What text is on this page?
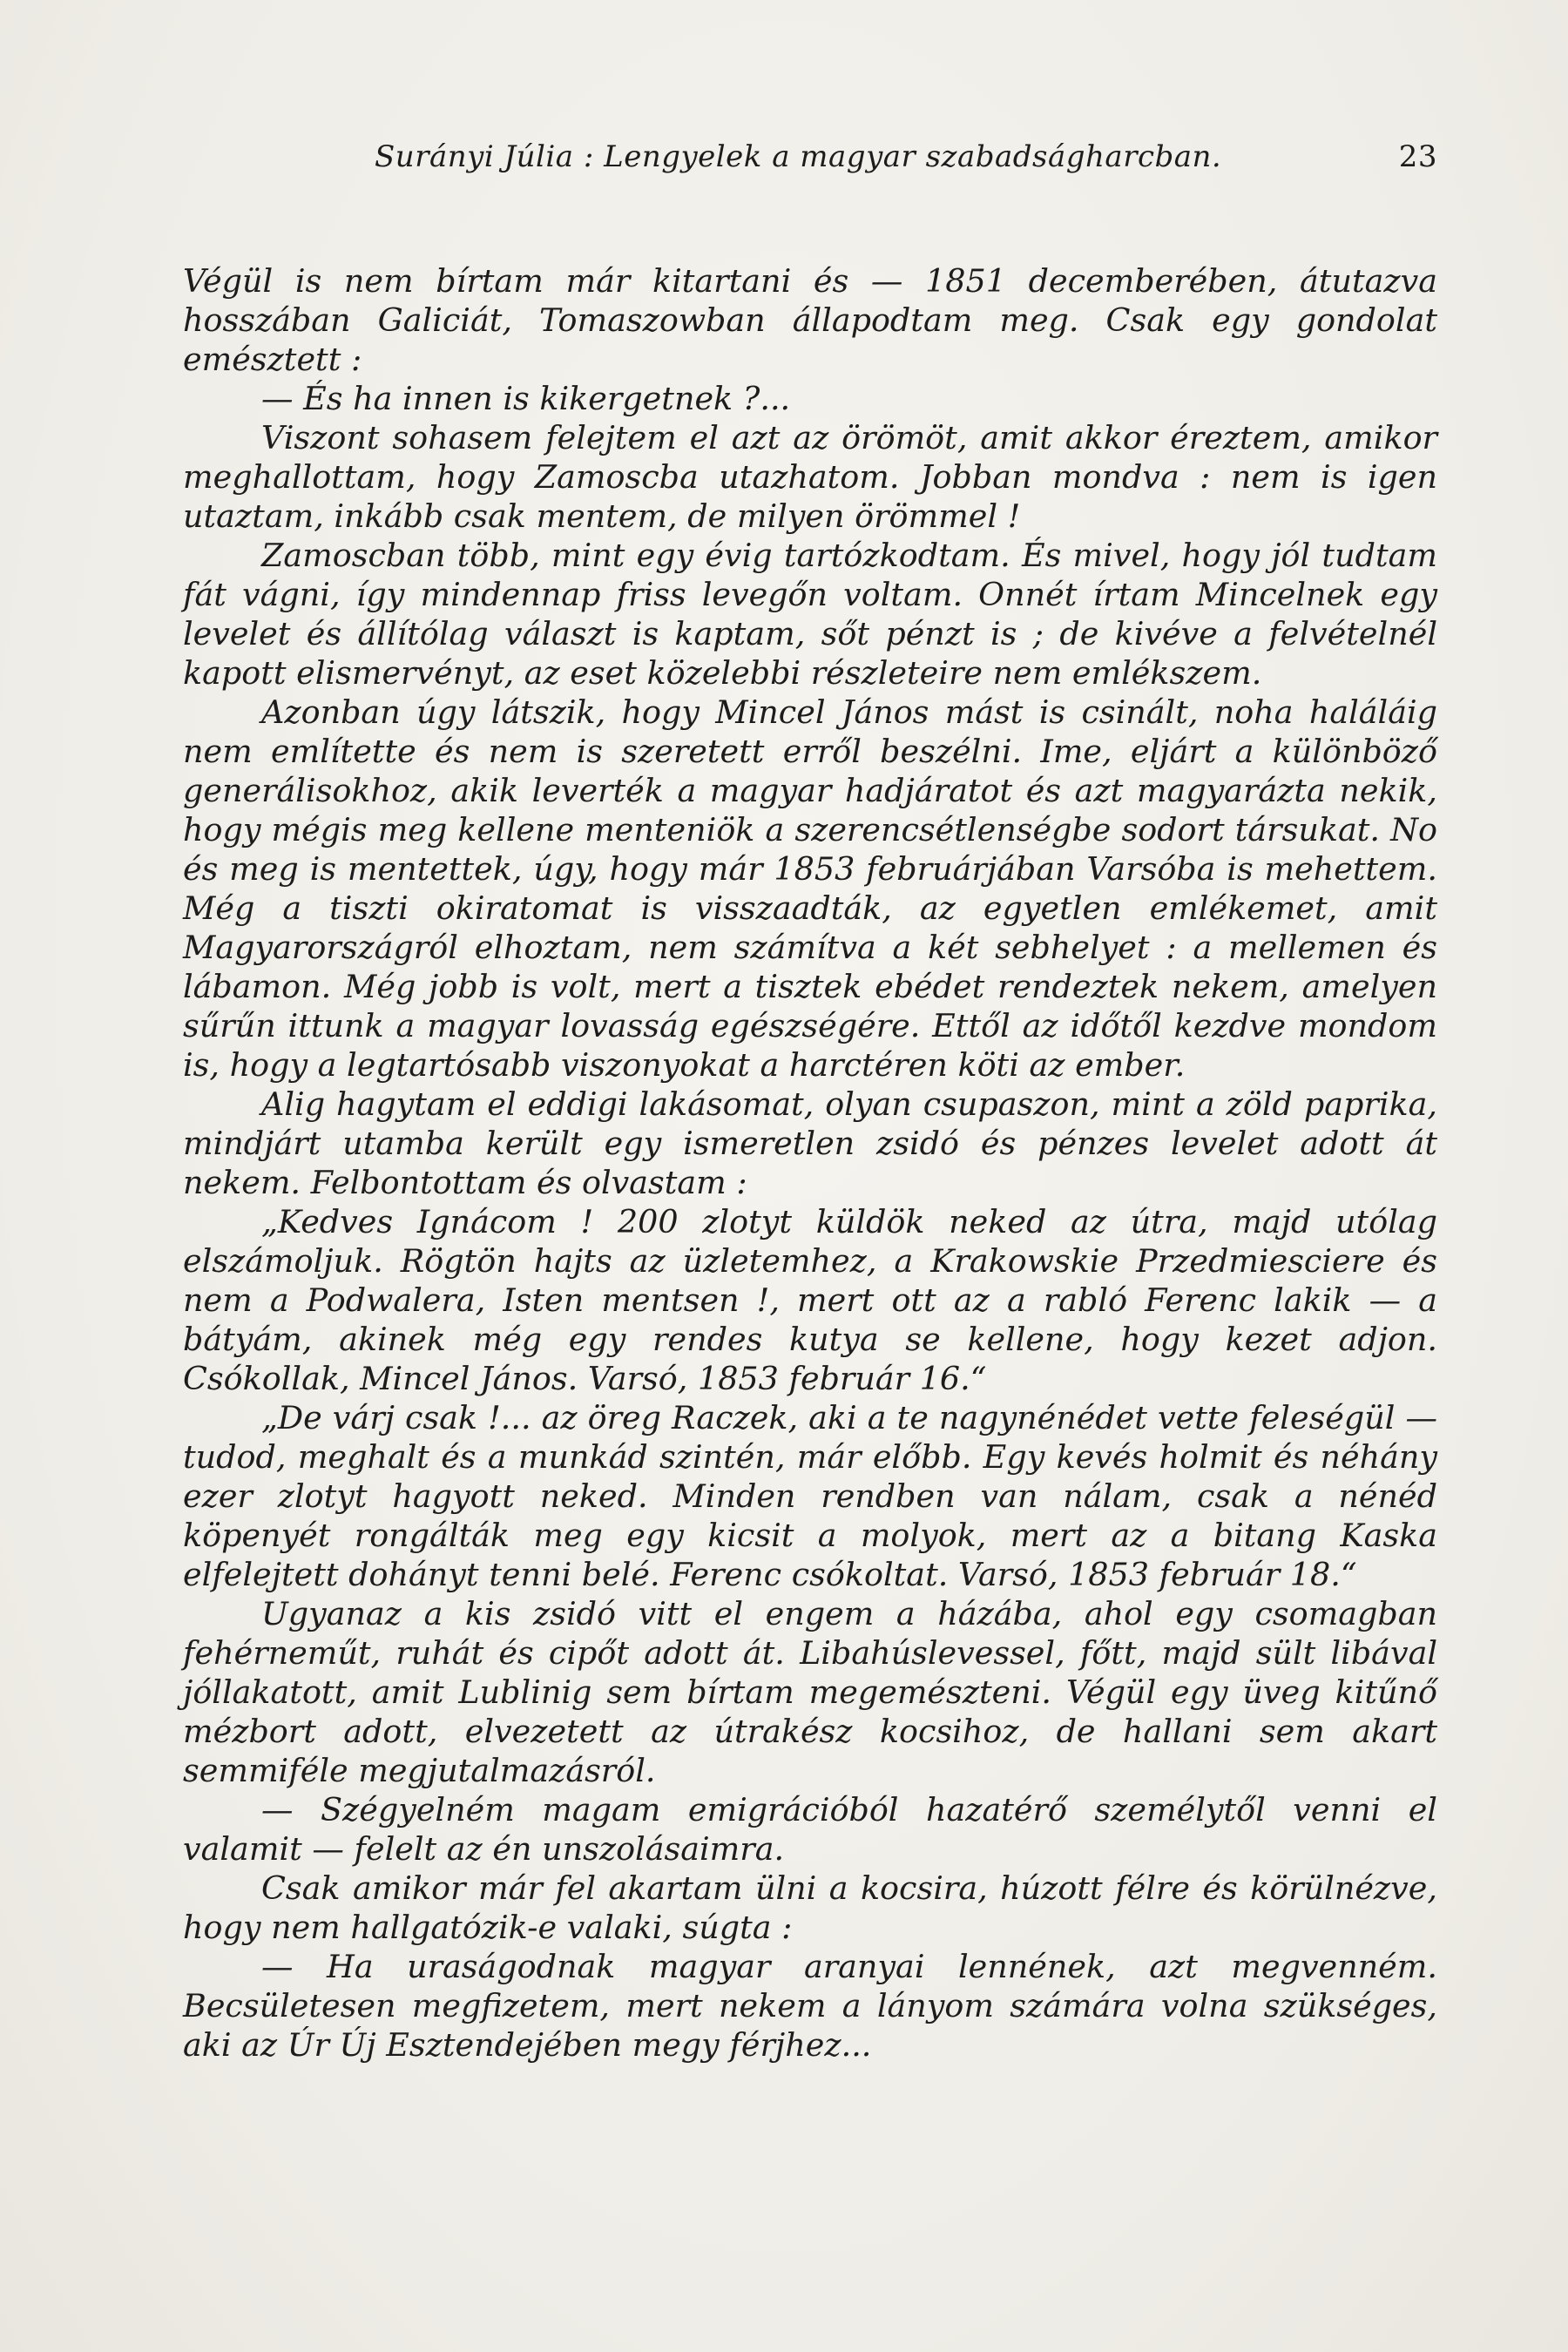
Surányi Júlia : Lengyelek a magyar szabadságharcban.	23

Végül is nem bírtam már kitartani és — 1851 decemberében, átutazva hosszában Galiciát, Tomaszowban állapodtam meg. Csak egy gondolat emésztett :

— És ha innen is kikergetnek ?...

Viszont sohasem felejtem el azt az örömöt, amit akkor éreztem, amikor meghallottam, hogy Zamoscba utazhatom. Jobban mondva : nem is igen utaztam, inkább csak mentem, de milyen örömmel !

Zamoscban több, mint egy évig tartózkodtam. És mivel, hogy jól tudtam fát vágni, így mindennap friss levegőn voltam. Onnét írtam Mincelnek egy levelet és állítólag választ is kaptam, sőt pénzt is ; de kivéve a felvételnél kapott elismervényt, az eset közelebbi részleteire nem emlékszem.

Azonban úgy látszik, hogy Mincel János mást is csinált, noha haláláig nem említette és nem is szeretett erről beszélni. Ime, eljárt a különböző generálisokhoz, akik leverték a magyar hadjáratot és azt magyarázta nekik, hogy mégis meg kellene menteniök a szerencsétlenségbe sodort társukat. No és meg is mentettek, úgy, hogy már 1853 februárjában Varsóba is mehettem. Még a tiszti okiratomat is visszaadták, az egyetlen emlékemet, amit Magyarországról elhoztam, nem számítva a két sebhelyet : a mellemen és lábamon. Még jobb is volt, mert a tisztek ebédet rendeztek nekem, amelyen sűrűn ittunk a magyar lovasság egészségére. Ettől az időtől kezdve mondom is, hogy a legtartósabb viszonyokat a harctéren köti az ember.

Alig hagytam el eddigi lakásomat, olyan csupaszon, mint a zöld paprika, mindjárt utamba került egy ismeretlen zsidó és pénzes levelet adott át nekem. Felbontottam és olvastam :

„Kedves Ignácom ! 200 zlotyt küldök neked az útra, majd utólag elszámoljuk. Rögtön hajts az üzletemhez, a Krakowskie Przedmiesciere és nem a Podwalera, Isten mentsen !, mert ott az a rabló Ferenc lakik — a bátyám, akinek még egy rendes kutya se kellene, hogy kezet adjon. Csókollak, Mincel János. Varsó, 1853 február 16.“

„De várj csak !... az öreg Raczek, aki a te nagynénédet vette feleségül — tudod, meghalt és a munkád szintén, már előbb. Egy kevés holmit és néhány ezer zlotyt hagyott neked. Minden rendben van nálam, csak a nénéd köpenyét rongálták meg egy kicsit a molyok, mert az a bitang Kaska elfelejtett dohányt tenni belé. Ferenc csókoltat. Varsó, 1853 február 18.“

Ugyanaz a kis zsidó vitt el engem a házába, ahol egy csomagban fehérneműt, ruhát és cipőt adott át. Libahúslevessel, főtt, majd sült libával jóllakatott, amit Lublinig sem bírtam megemészteni. Végül egy üveg kitűnő mézbort adott, elvezetett az útrakész kocsihoz, de hallani sem akart semmiféle megjutalmazásról.

— Szégyelném magam emigrációból hazatérő személytől venni el valamit — felelt az én unszolásaimra.

Csak amikor már fel akartam ülni a kocsira, húzott félre és körülnézve, hogy nem hallgatózik-e valaki, súgta :

— Ha uraságodnak magyar aranyai lennének, azt megvenném. Becsületesen megfizetem, mert nekem a lányom számára volna szükséges, aki az Úr Új Esztendejében megy férjhez...
